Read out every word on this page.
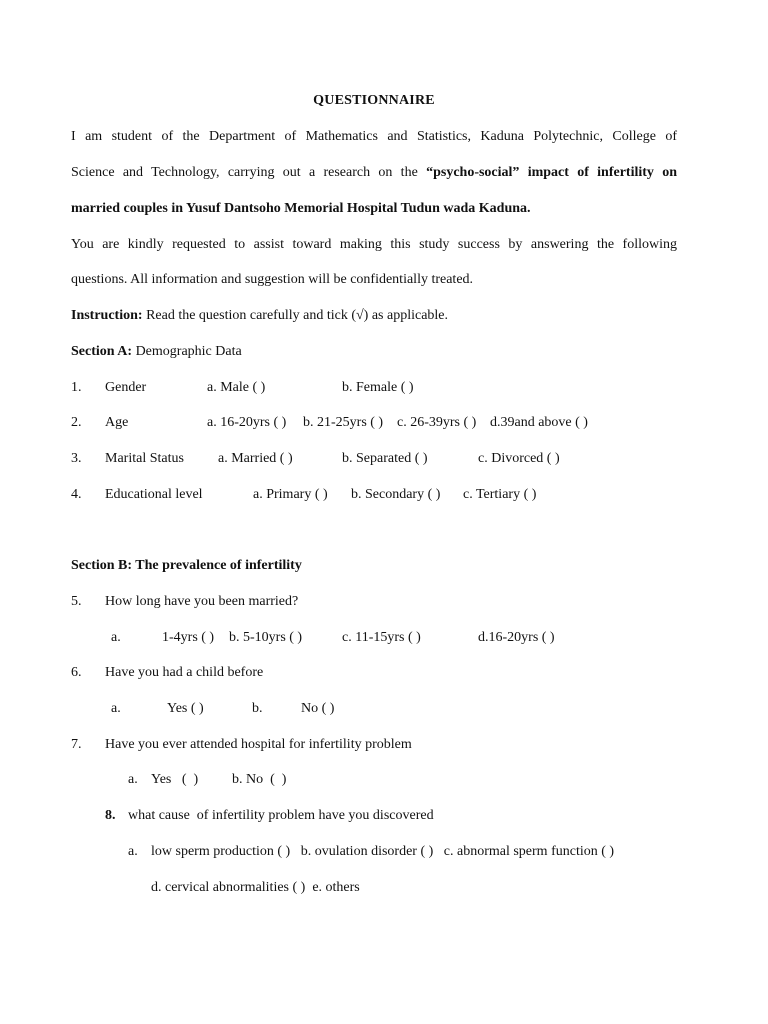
QUESTIONNAIRE
I am student of the Department of Mathematics and Statistics, Kaduna Polytechnic, College of
Science and Technology, carrying out a research on the “psycho-social” impact of infertility on
married couples in Yusuf Dantsoho Memorial Hospital Tudun wada Kaduna.
You are kindly requested to assist toward making this study success by answering the following
questions. All information and suggestion will be confidentially treated.
Instruction: Read the question carefully and tick (√) as applicable.
Section A: Demographic Data
1. Gender	a. Male ( )	b. Female ( )
2. Age	a. 16-20yrs ( ) b. 21-25yrs ( ) c. 26-39yrs ( ) d.39and above ( )
3. Marital Status a. Married ( )	b. Separated ( )	c. Divorced ( )
4. Educational level	a. Primary ( ) b. Secondary ( ) c. Tertiary ( )
Section B: The prevalence of infertility
5. How long have you been married?
a.	1-4yrs ( ) b. 5-10yrs ( )	c. 11-15yrs ( )	d.16-20yrs ( )
6. Have you had a child before
a.	Yes ( )	b.	No ( )
7. Have you ever attended hospital for infertility problem
a. Yes   (  ) b. No  (  )
8. what cause  of infertility problem have you discovered
a. low sperm production ( )   b. ovulation disorder ( )   c. abnormal sperm function ( )
d. cervical abnormalities ( )  e. others
